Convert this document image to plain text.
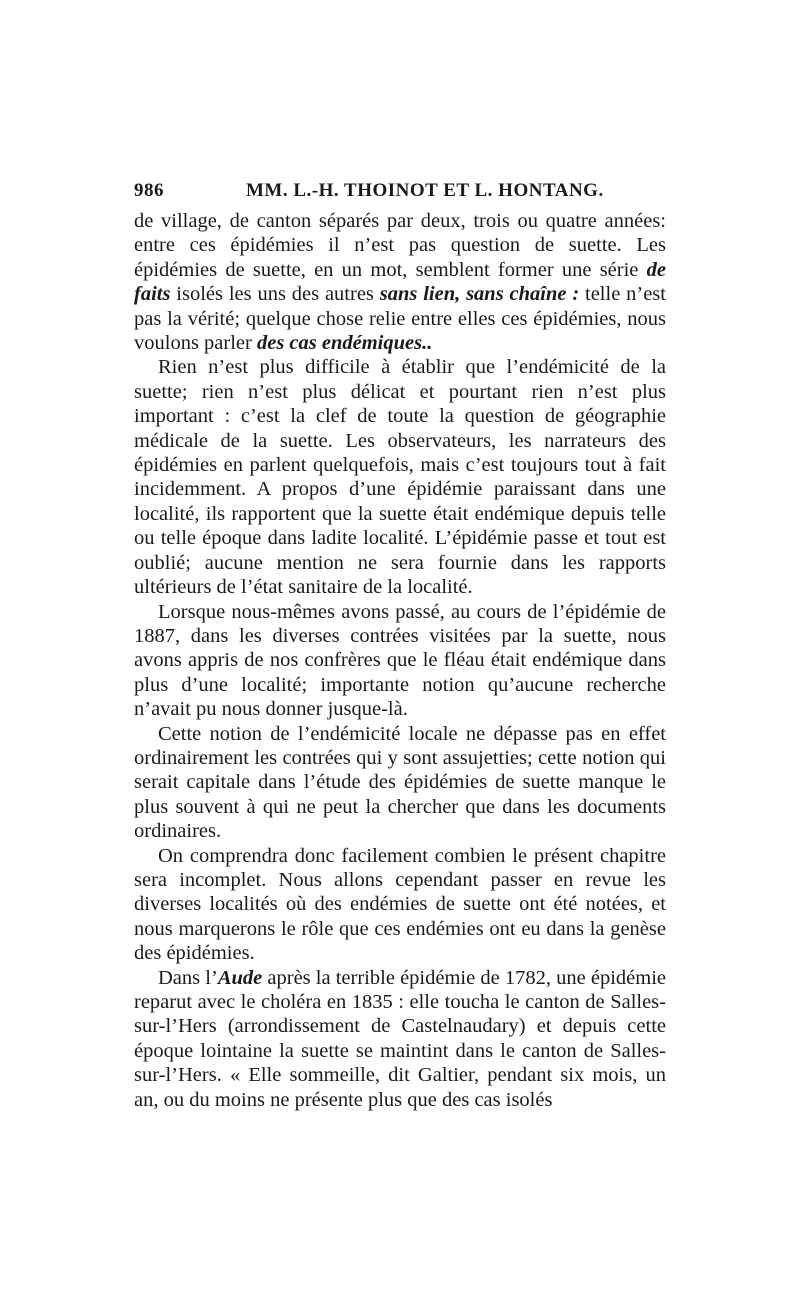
986	MM. L.-H. THOINOT ET L. HONTANG.

de village, de canton séparés par deux, trois ou quatre années: entre ces épidémies il n’est pas question de suette. Les épidémies de suette, en un mot, semblent former une série de faits isolés les uns des autres sans lien, sans chaîne : telle n’est pas la vérité; quelque chose relie entre elles ces épidémies, nous voulons parler des cas endémiques..

Rien n’est plus difficile à établir que l’endémicité de la suette; rien n’est plus délicat et pourtant rien n’est plus important : c’est la clef de toute la question de géographie médicale de la suette. Les observateurs, les narrateurs des épidémies en parlent quelquefois, mais c’est toujours tout à fait incidemment. A propos d’une épidémie paraissant dans une localité, ils rapportent que la suette était endémique depuis telle ou telle époque dans ladite localité. L’épidémie passe et tout est oublié; aucune mention ne sera fournie dans les rapports ultérieurs de l’état sanitaire de la localité.

Lorsque nous-mêmes avons passé, au cours de l’épidémie de 1887, dans les diverses contrées visitées par la suette, nous avons appris de nos confrères que le fléau était endémique dans plus d’une localité; importante notion qu’aucune recherche n’avait pu nous donner jusque-là.

Cette notion de l’endémicité locale ne dépasse pas en effet ordinairement les contrées qui y sont assujetties; cette notion qui serait capitale dans l’étude des épidémies de suette manque le plus souvent à qui ne peut la chercher que dans les documents ordinaires.

On comprendra donc facilement combien le présent chapitre sera incomplet. Nous allons cependant passer en revue les diverses localités où des endémies de suette ont été notées, et nous marquerons le rôle que ces endémies ont eu dans la genèse des épidémies.

Dans l’Aude après la terrible épidémie de 1782, une épidémie reparut avec le choléra en 1835 : elle toucha le canton de Salles-sur-l’Hers (arrondissement de Castelnaudary) et depuis cette époque lointaine la suette se maintint dans le canton de Salles-sur-l’Hers. « Elle sommeille, dit Galtier, pendant six mois, un an, ou du moins ne présente plus que des cas isolés
